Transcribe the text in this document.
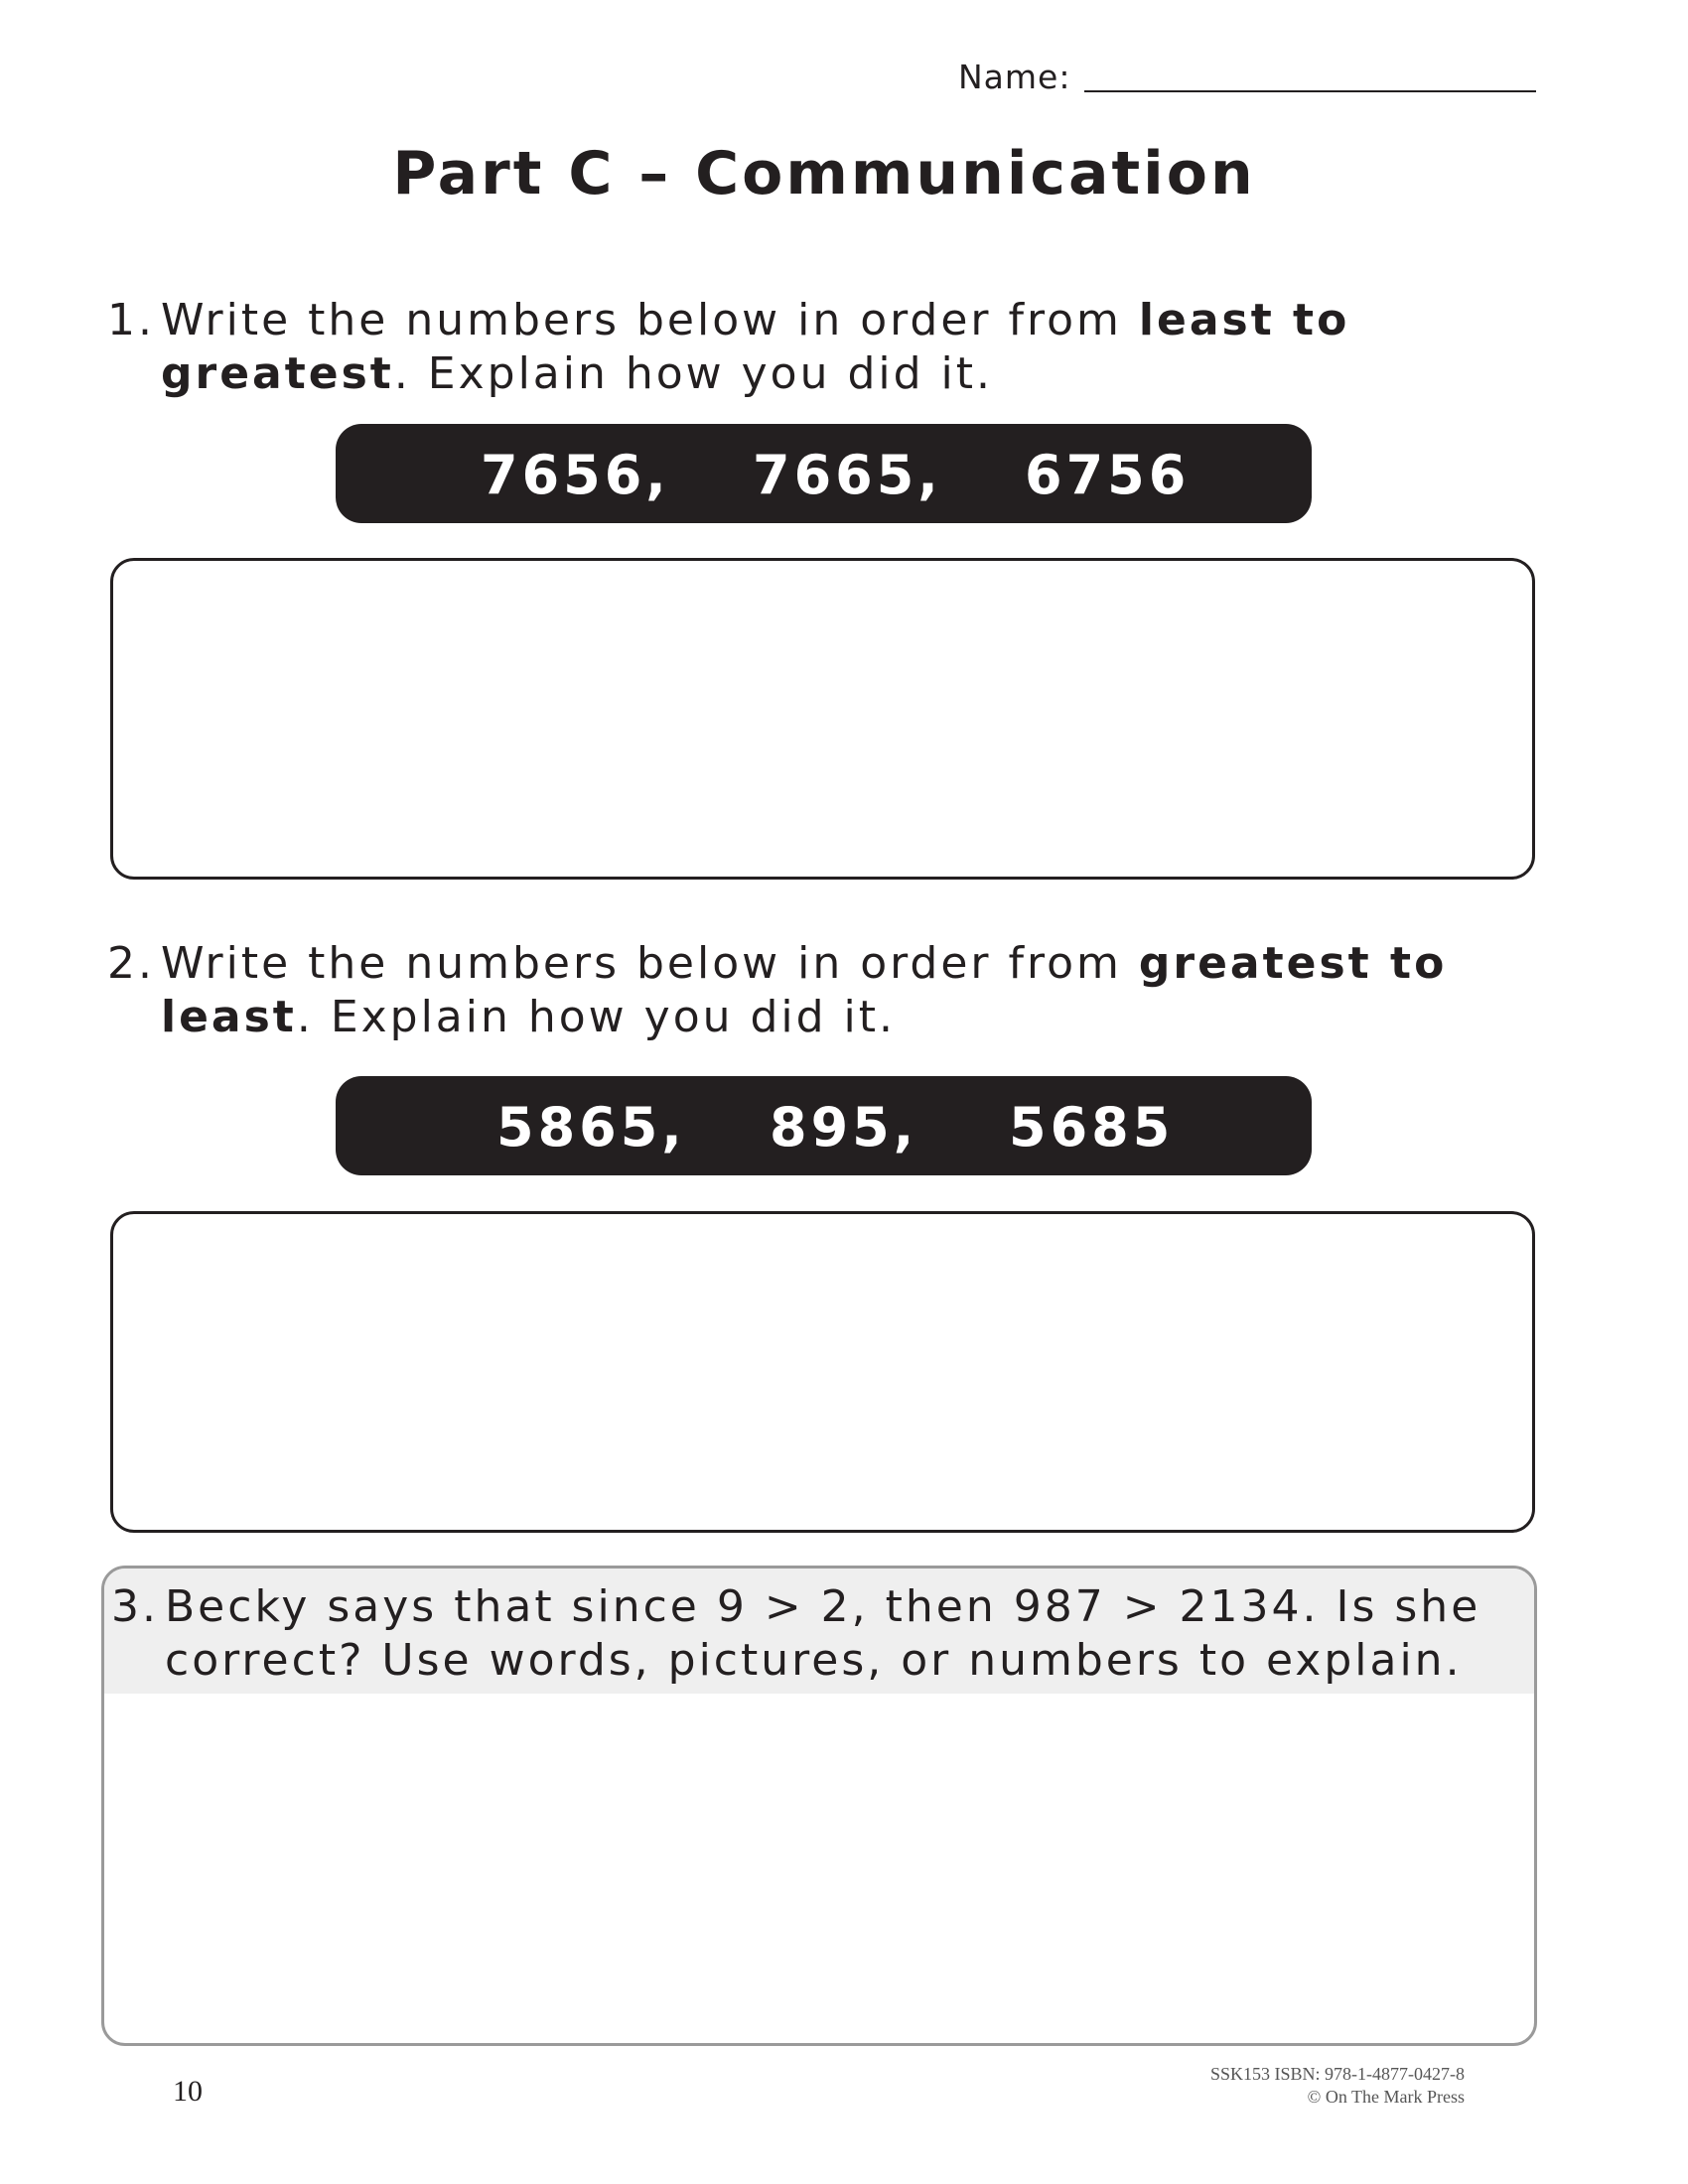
Name:
Part C – Communication
1. Write the numbers below in order from least to greatest. Explain how you did it.
7656, 7665, 6756
2. Write the numbers below in order from greatest to least. Explain how you did it.
5865, 895, 5685
3. Becky says that since 9 > 2, then 987 > 2134. Is she correct? Use words, pictures, or numbers to explain.
10
SSK153 ISBN: 978-1-4877-0427-8
© On The Mark Press
